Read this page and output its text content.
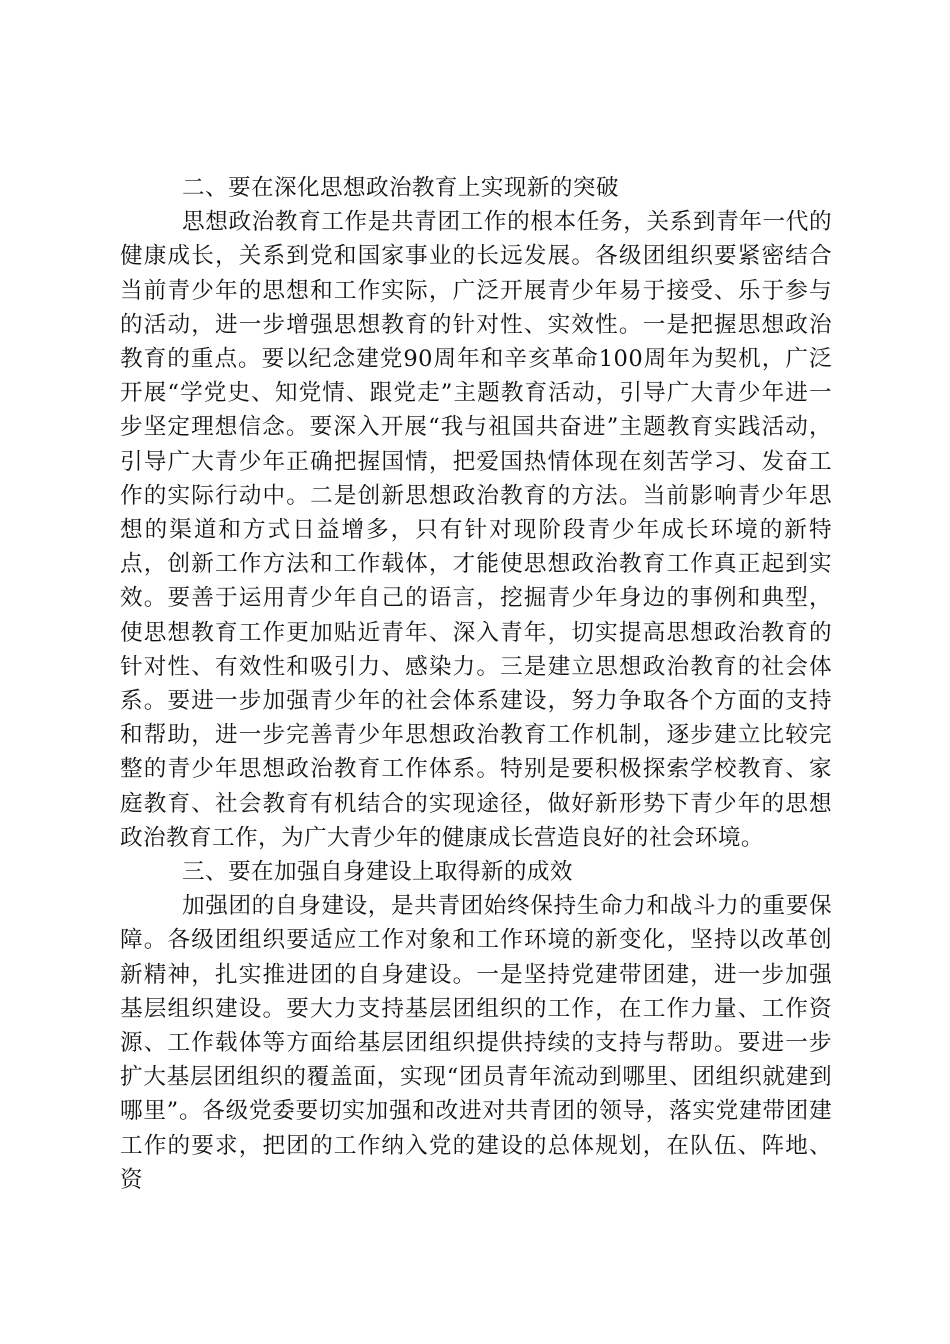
二、要在深化思想政治教育上实现新的突破

思想政治教育工作是共青团工作的根本任务，关系到青年一代的健康成长，关系到党和国家事业的长远发展。各级团组织要紧密结合当前青少年的思想和工作实际，广泛开展青少年易于接受、乐于参与的活动，进一步增强思想教育的针对性、实效性。一是把握思想政治教育的重点。要以纪念建党90周年和辛亥革命100周年为契机，广泛开展“学党史、知党情、跟党走”主题教育活动，引导广大青少年进一步坚定理想信念。要深入开展“我与祖国共奋进”主题教育实践活动，引导广大青少年正确把握国情，把爱国热情体现在刻苦学习、发奋工作的实际行动中。二是创新思想政治教育的方法。当前影响青少年思想的渠道和方式日益增多，只有针对现阶段青少年成长环境的新特点，创新工作方法和工作载体，才能使思想政治教育工作真正起到实效。要善于运用青少年自己的语言，挖掘青少年身边的事例和典型，使思想教育工作更加贴近青年、深入青年，切实提高思想政治教育的针对性、有效性和吸引力、感染力。三是建立思想政治教育的社会体系。要进一步加强青少年的社会体系建设，努力争取各个方面的支持和帮助，进一步完善青少年思想政治教育工作机制，逐步建立比较完整的青少年思想政治教育工作体系。特别是要积极探索学校教育、家庭教育、社会教育有机结合的实现途径，做好新形势下青少年的思想政治教育工作，为广大青少年的健康成长营造良好的社会环境。

三、要在加强自身建设上取得新的成效

加强团的自身建设，是共青团始终保持生命力和战斗力的重要保障。各级团组织要适应工作对象和工作环境的新变化，坚持以改革创新精神，扎实推进团的自身建设。一是坚持党建带团建，进一步加强基层组织建设。要大力支持基层团组织的工作，在工作力量、工作资源、工作载体等方面给基层团组织提供持续的支持与帮助。要进一步扩大基层团组织的覆盖面，实现“团员青年流动到哪里、团组织就建到哪里”。各级党委要切实加强和改进对共青团的领导，落实党建带团建工作的要求，把团的工作纳入党的建设的总体规划，在队伍、阵地、资
